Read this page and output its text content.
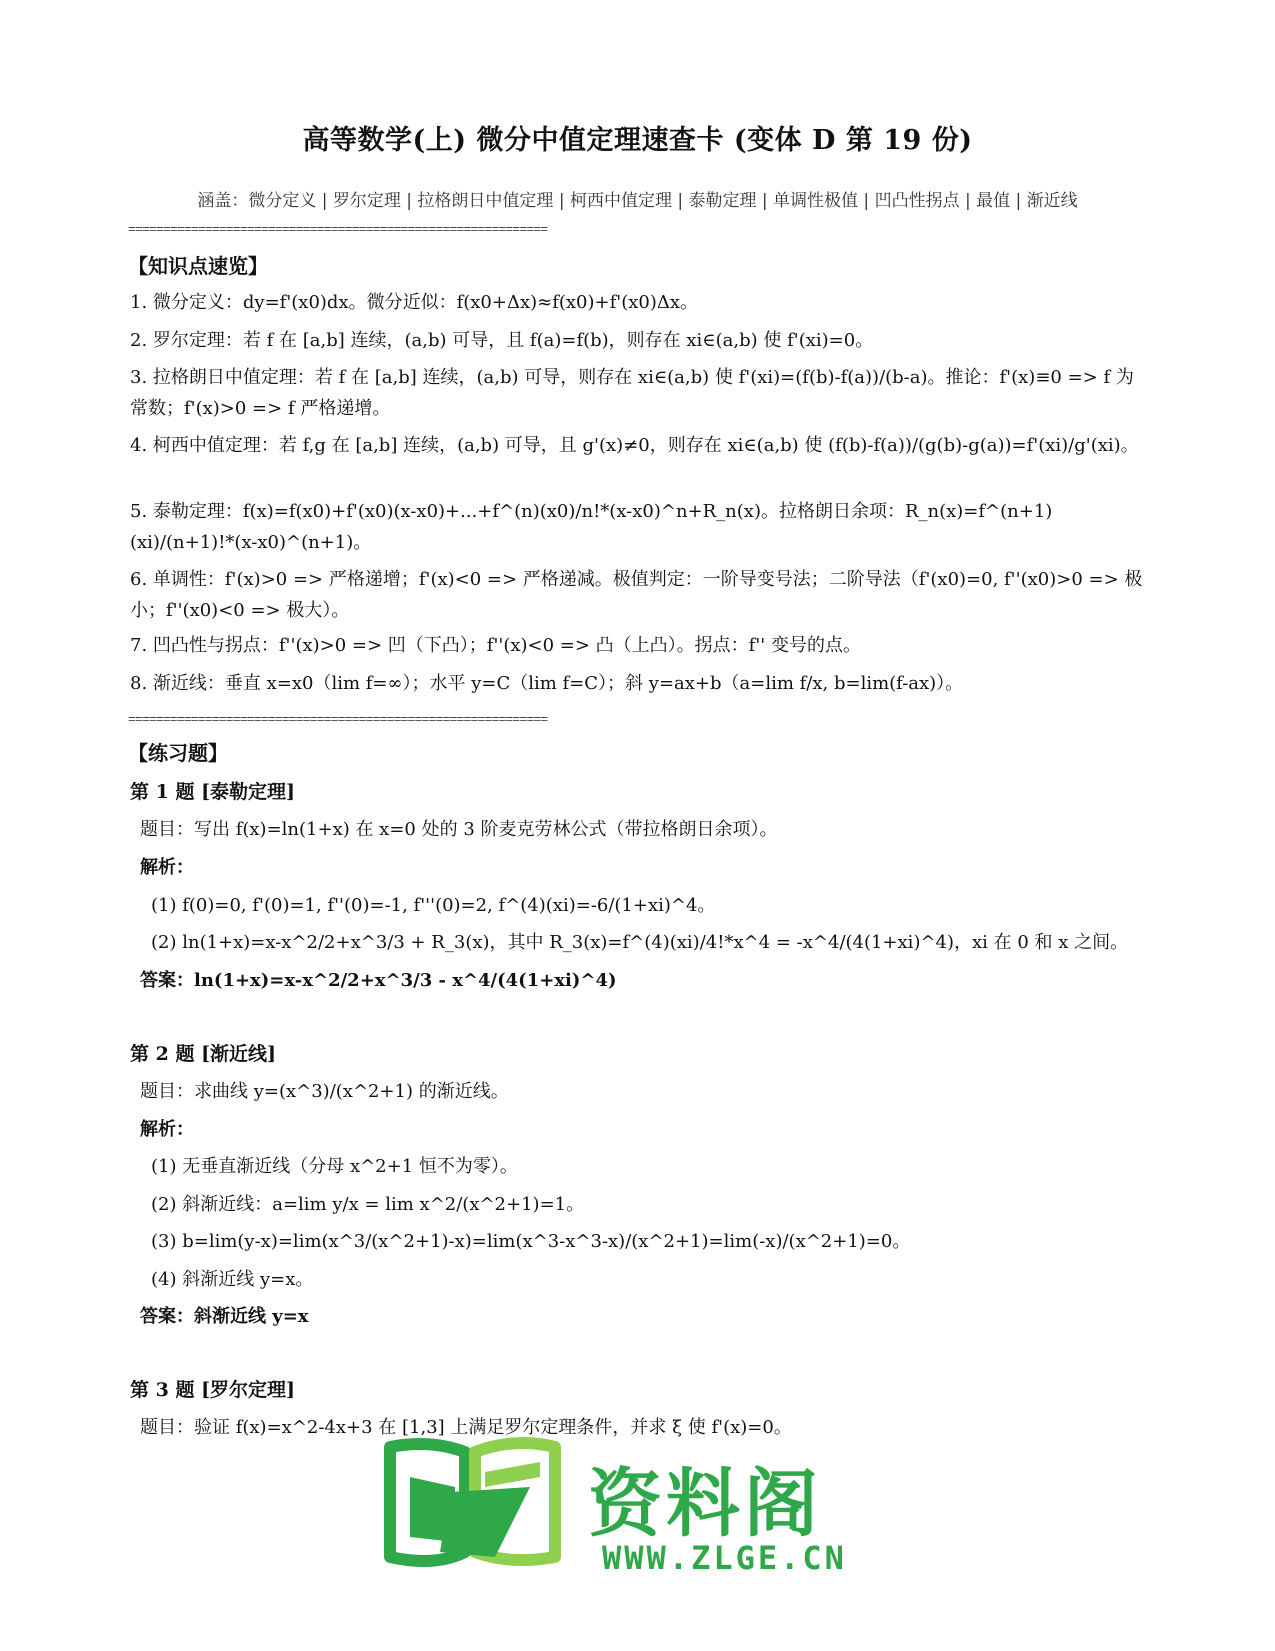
高等数学(上) 微分中值定理速查卡 (变体 D 第 19 份)
涵盖：微分定义 | 罗尔定理 | 拉格朗日中值定理 | 柯西中值定理 | 泰勒定理 | 单调性极值 | 凹凸性拐点 | 最值 | 渐近线
============================================================
【知识点速览】
1. 微分定义：dy=f'(x0)dx。微分近似：f(x0+Δx)≈f(x0)+f'(x0)Δx。
2. 罗尔定理：若 f 在 [a,b] 连续，(a,b) 可导，且 f(a)=f(b)，则存在 xi∈(a,b) 使 f'(xi)=0。
3. 拉格朗日中值定理：若 f 在 [a,b] 连续，(a,b) 可导，则存在 xi∈(a,b) 使 f'(xi)=(f(b)-f(a))/(b-a)。推论：f'(x)≡0 => f 为常数；f'(x)>0 => f 严格递增。
4. 柯西中值定理：若 f,g 在 [a,b] 连续，(a,b) 可导，且 g'(x)≠0，则存在 xi∈(a,b) 使 (f(b)-f(a))/(g(b)-g(a))=f'(xi)/g'(xi)。
5. 泰勒定理：f(x)=f(x0)+f'(x0)(x-x0)+...+f^(n)(x0)/n!*(x-x0)^n+R_n(x)。拉格朗日余项：R_n(x)=f^(n+1)(xi)/(n+1)!*(x-x0)^(n+1)。
6. 单调性：f'(x)>0 => 严格递增；f'(x)<0 => 严格递减。极值判定：一阶导变号法；二阶导法（f'(x0)=0, f''(x0)>0 => 极小；f''(x0)<0 => 极大）。
7. 凹凸性与拐点：f''(x)>0 => 凹（下凸）；f''(x)<0 => 凸（上凸）。拐点：f'' 变号的点。
8. 渐近线：垂直 x=x0（lim f=∞）；水平 y=C（lim f=C）；斜 y=ax+b（a=lim f/x, b=lim(f-ax)）。
============================================================
【练习题】
第 1 题 [泰勒定理]
题目：写出 f(x)=ln(1+x) 在 x=0 处的 3 阶麦克劳林公式（带拉格朗日余项）。
解析：
(1) f(0)=0, f'(0)=1, f''(0)=-1, f'''(0)=2, f^(4)(xi)=-6/(1+xi)^4。
(2) ln(1+x)=x-x^2/2+x^3/3 + R_3(x)，其中 R_3(x)=f^(4)(xi)/4!*x^4 = -x^4/(4(1+xi)^4)，xi 在 0 和 x 之间。
答案：ln(1+x)=x-x^2/2+x^3/3 - x^4/(4(1+xi)^4)
第 2 题 [渐近线]
题目：求曲线 y=(x^3)/(x^2+1) 的渐近线。
解析：
(1) 无垂直渐近线（分母 x^2+1 恒不为零）。
(2) 斜渐近线：a=lim y/x = lim x^2/(x^2+1)=1。
(3) b=lim(y-x)=lim(x^3/(x^2+1)-x)=lim(x^3-x^3-x)/(x^2+1)=lim(-x)/(x^2+1)=0。
(4) 斜渐近线 y=x。
答案：斜渐近线 y=x
第 3 题 [罗尔定理]
题目：验证 f(x)=x^2-4x+3 在 [1,3] 上满足罗尔定理条件，并求 ξ 使 f'(x)=0。
资料阁
WWW.ZLGE.CN
